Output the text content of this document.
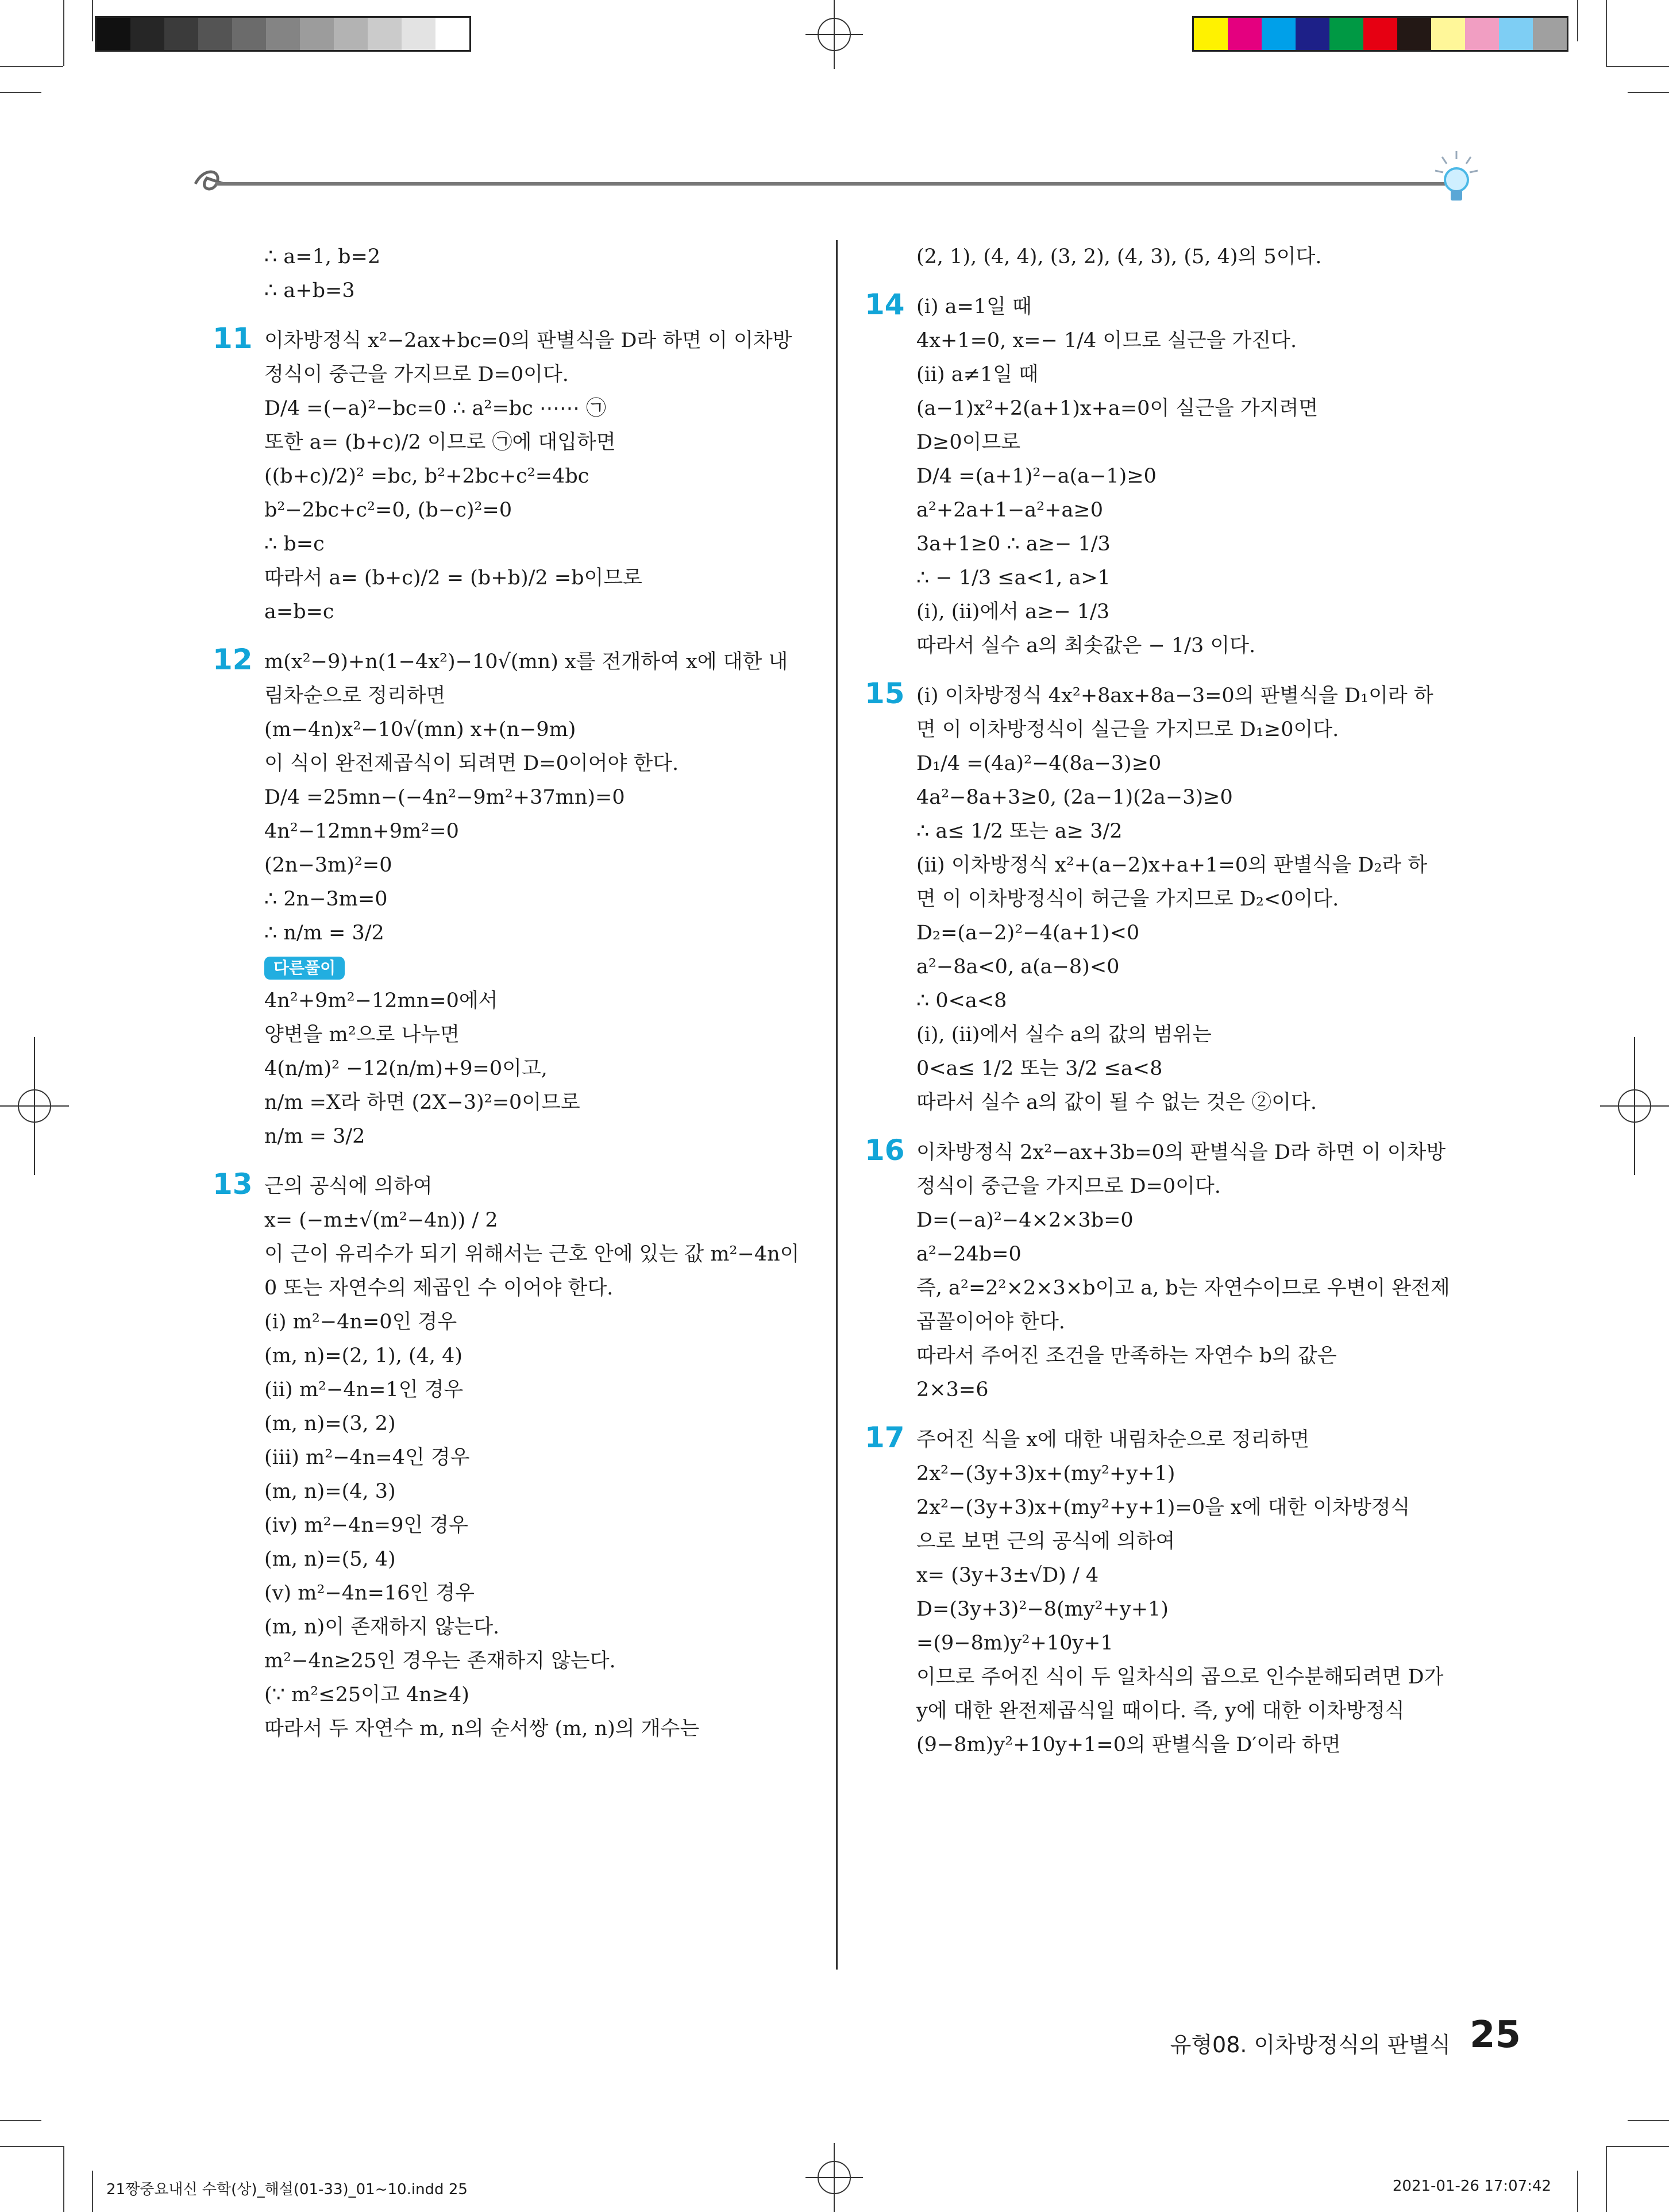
∴ a=1, b=2
∴ a+b=3
11 이차방정식 x²−2ax+bc=0의 판별식을 D라 하면 이 이차방
정식이 중근을 가지므로 D=0이다.
D/4 =(−a)²−bc=0 ∴ a²=bc ⋯⋯ ㉠
또한 a= (b+c)/2 이므로 ㉠에 대입하면
((b+c)/2)² =bc, b²+2bc+c²=4bc
b²−2bc+c²=0, (b−c)²=0
∴ b=c
따라서 a= (b+c)/2 = (b+b)/2 =b이므로
a=b=c
12 m(x²−9)+n(1−4x²)−10√(mn) x를 전개하여 x에 대한 내
림차순으로 정리하면
(m−4n)x²−10√(mn) x+(n−9m)
이 식이 완전제곱식이 되려면 D=0이어야 한다.
D/4 =25mn−(−4n²−9m²+37mn)=0
4n²−12mn+9m²=0
(2n−3m)²=0
∴ 2n−3m=0
∴ n/m = 3/2
다른풀이
4n²+9m²−12mn=0에서
양변을 m²으로 나누면
4(n/m)² −12(n/m)+9=0이고,
n/m =X라 하면 (2X−3)²=0이므로
n/m = 3/2
13 근의 공식에 의하여
x= (−m±√(m²−4n)) / 2
이 근이 유리수가 되기 위해서는 근호 안에 있는 값 m²−4n이
0 또는 자연수의 제곱인 수 이어야 한다.
(ⅰ) m²−4n=0인 경우
(m, n)=(2, 1), (4, 4)
(ⅱ) m²−4n=1인 경우
(m, n)=(3, 2)
(ⅲ) m²−4n=4인 경우
(m, n)=(4, 3)
(ⅳ) m²−4n=9인 경우
(m, n)=(5, 4)
(ⅴ) m²−4n=16인 경우
(m, n)이 존재하지 않는다.
m²−4n≥25인 경우는 존재하지 않는다.
(∵ m²≤25이고 4n≥4)
따라서 두 자연수 m, n의 순서쌍 (m, n)의 개수는
(2, 1), (4, 4), (3, 2), (4, 3), (5, 4)의 5이다.
14 (ⅰ) a=1일 때
4x+1=0, x=− 1/4 이므로 실근을 가진다.
(ⅱ) a≠1일 때
(a−1)x²+2(a+1)x+a=0이 실근을 가지려면
D≥0이므로
D/4 =(a+1)²−a(a−1)≥0
a²+2a+1−a²+a≥0
3a+1≥0 ∴ a≥− 1/3
∴ − 1/3 ≤a<1, a>1
(ⅰ), (ⅱ)에서 a≥− 1/3
따라서 실수 a의 최솟값은 − 1/3 이다.
15 (ⅰ) 이차방정식 4x²+8ax+8a−3=0의 판별식을 D₁이라 하
면 이 이차방정식이 실근을 가지므로 D₁≥0이다.
D₁/4 =(4a)²−4(8a−3)≥0
4a²−8a+3≥0, (2a−1)(2a−3)≥0
∴ a≤ 1/2 또는 a≥ 3/2
(ⅱ) 이차방정식 x²+(a−2)x+a+1=0의 판별식을 D₂라 하
면 이 이차방정식이 허근을 가지므로 D₂<0이다.
D₂=(a−2)²−4(a+1)<0
a²−8a<0, a(a−8)<0
∴ 0<a<8
(ⅰ), (ⅱ)에서 실수 a의 값의 범위는
0<a≤ 1/2 또는 3/2 ≤a<8
따라서 실수 a의 값이 될 수 없는 것은 ②이다.
16 이차방정식 2x²−ax+3b=0의 판별식을 D라 하면 이 이차방
정식이 중근을 가지므로 D=0이다.
D=(−a)²−4×2×3b=0
a²−24b=0
즉, a²=2²×2×3×b이고 a, b는 자연수이므로 우변이 완전제
곱꼴이어야 한다.
따라서 주어진 조건을 만족하는 자연수 b의 값은
2×3=6
17 주어진 식을 x에 대한 내림차순으로 정리하면
2x²−(3y+3)x+(my²+y+1)
2x²−(3y+3)x+(my²+y+1)=0을 x에 대한 이차방정식
으로 보면 근의 공식에 의하여
x= (3y+3±√D) / 4
D=(3y+3)²−8(my²+y+1)
=(9−8m)y²+10y+1
이므로 주어진 식이 두 일차식의 곱으로 인수분해되려면 D가
y에 대한 완전제곱식일 때이다. 즉, y에 대한 이차방정식
(9−8m)y²+10y+1=0의 판별식을 D′이라 하면
유형08. 이차방정식의 판별식 25
21짱중요내신 수학(상)_해설(01-33)_01~10.indd 25	2021-01-26 17:07:42
